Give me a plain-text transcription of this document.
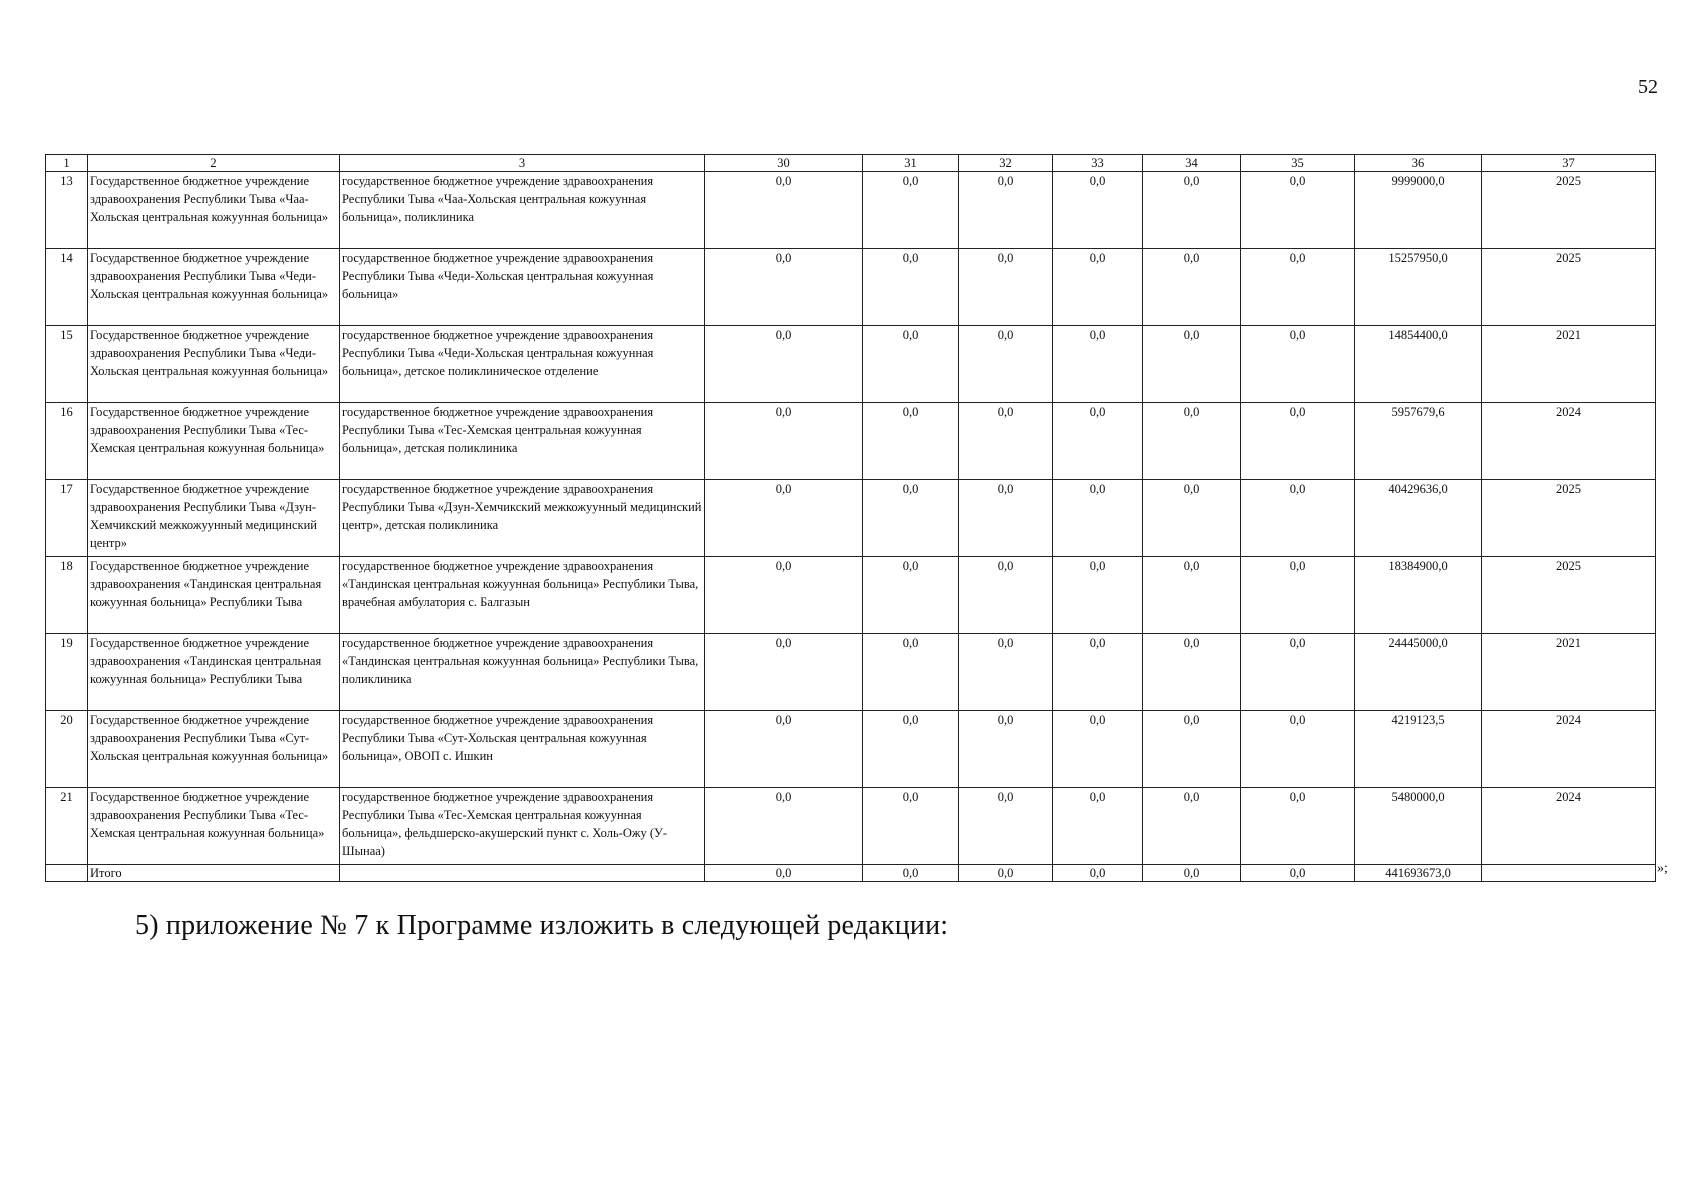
52
1	2	3	30	31	32	33	34	35	36	37
13	Государственное бюджетное учреждение здравоохранения Республики Тыва «Чаа-Хольская центральная кожуунная больница»	государственное бюджетное учреждение здравоохранения Республики Тыва «Чаа-Хольская центральная кожуунная больница», поликлиника	0,0	0,0	0,0	0,0	0,0	0,0	9999000,0	2025
14	Государственное бюджетное учреждение здравоохранения Республики Тыва «Чеди-Хольская центральная кожуунная больница»	государственное бюджетное учреждение здравоохранения Республики Тыва «Чеди-Хольская центральная кожуунная больница»	0,0	0,0	0,0	0,0	0,0	0,0	15257950,0	2025
15	Государственное бюджетное учреждение здравоохранения Республики Тыва «Чеди-Хольская центральная кожуунная больница»	государственное бюджетное учреждение здравоохранения Республики Тыва «Чеди-Хольская центральная кожуунная больница», детское поликлиническое отделение	0,0	0,0	0,0	0,0	0,0	0,0	14854400,0	2021
16	Государственное бюджетное учреждение здравоохранения Республики Тыва «Тес-Хемская центральная кожуунная больница»	государственное бюджетное учреждение здравоохранения Республики Тыва «Тес-Хемская центральная кожуунная больница», детская поликлиника	0,0	0,0	0,0	0,0	0,0	0,0	5957679,6	2024
17	Государственное бюджетное учреждение здравоохранения Республики Тыва «Дзун-Хемчикский межкожуунный медицинский центр»	государственное бюджетное учреждение здравоохранения Республики Тыва «Дзун-Хемчикский межкожуунный медицинский центр», детская поликлиника	0,0	0,0	0,0	0,0	0,0	0,0	40429636,0	2025
18	Государственное бюджетное учреждение здравоохранения «Тандинская центральная кожуунная больница» Республики Тыва	государственное бюджетное учреждение здравоохранения «Тандинская центральная кожуунная больница» Республики Тыва, врачебная амбулатория с. Балгазын	0,0	0,0	0,0	0,0	0,0	0,0	18384900,0	2025
19	Государственное бюджетное учреждение здравоохранения «Тандинская центральная кожуунная больница» Республики Тыва	государственное бюджетное учреждение здравоохранения «Тандинская центральная кожуунная больница» Республики Тыва, поликлиника	0,0	0,0	0,0	0,0	0,0	0,0	24445000,0	2021
20	Государственное бюджетное учреждение здравоохранения Республики Тыва «Сут-Хольская центральная кожуунная больница»	государственное бюджетное учреждение здравоохранения Республики Тыва «Сут-Хольская центральная кожуунная больница», ОВОП с. Ишкин	0,0	0,0	0,0	0,0	0,0	0,0	4219123,5	2024
21	Государственное бюджетное учреждение здравоохранения Республики Тыва «Тес-Хемская центральная кожуунная больница»	государственное бюджетное учреждение здравоохранения Республики Тыва «Тес-Хемская центральная кожуунная больница», фельдшерско-акушерский пункт с. Холь-Ожу (У-Шынаа)	0,0	0,0	0,0	0,0	0,0	0,0	5480000,0	2024
	Итого		0,0	0,0	0,0	0,0	0,0	0,0	441693673,0		»;
5) приложение № 7 к Программе изложить в следующей редакции:
